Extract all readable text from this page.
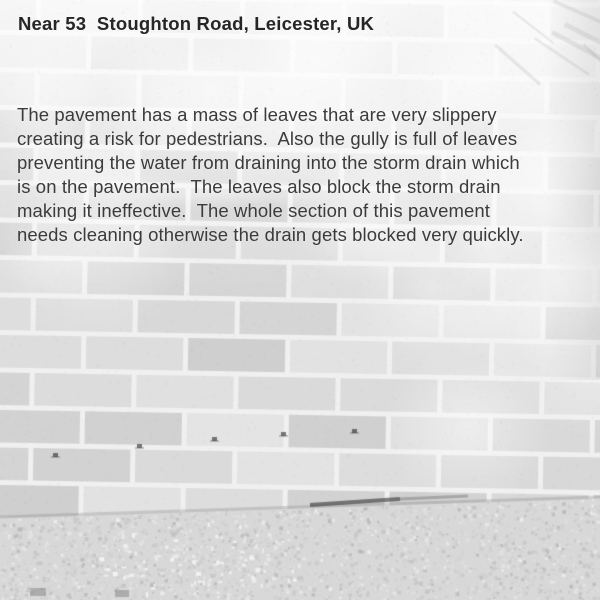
Near 53  Stoughton Road, Leicester, UK
The pavement has a mass of leaves that are very slippery
creating a risk for pedestrians.  Also the gully is full of leaves
preventing the water from draining into the storm drain which
is on the pavement.  The leaves also block the storm drain
making it ineffective.  The whole section of this pavement
needs cleaning otherwise the drain gets blocked very quickly.
